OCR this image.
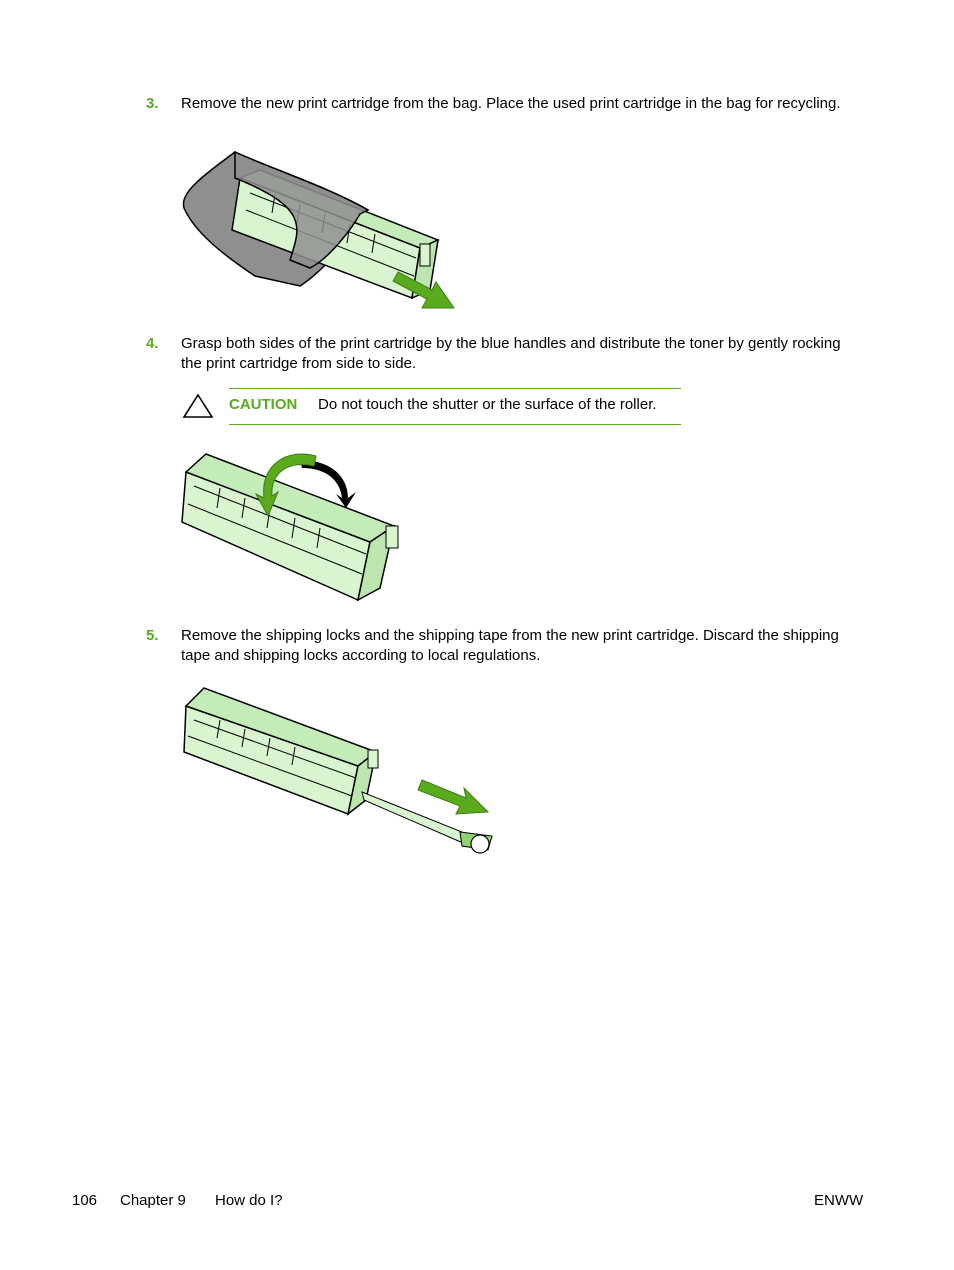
3. Remove the new print cartridge from the bag. Place the used print cartridge in the bag for recycling.
4. Grasp both sides of the print cartridge by the blue handles and distribute the toner by gently rocking the print cartridge from side to side.
CAUTION Do not touch the shutter or the surface of the roller.
5. Remove the shipping locks and the shipping tape from the new print cartridge. Discard the shipping tape and shipping locks according to local regulations.
106 Chapter 9 How do I?	ENWW
